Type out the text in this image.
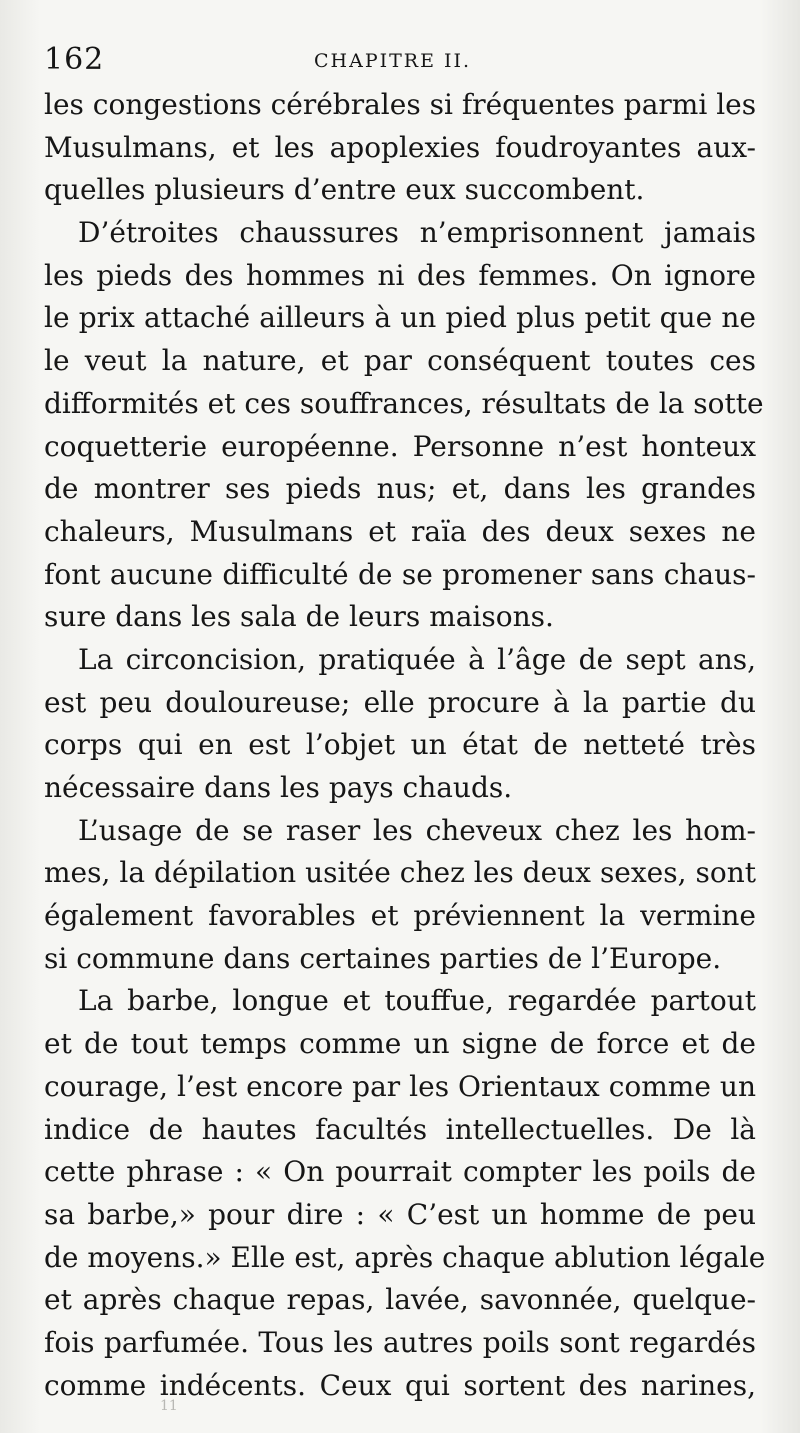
162	CHAPITRE II.
les congestions cérébrales si fréquentes parmi les
Musulmans, et les apoplexies foudroyantes aux-
quelles plusieurs d’entre eux succombent.
D’étroites chaussures n’emprisonnent jamais
les pieds des hommes ni des femmes. On ignore
le prix attaché ailleurs à un pied plus petit que ne
le veut la nature, et par conséquent toutes ces
difformités et ces souffrances, résultats de la sotte
coquetterie européenne. Personne n’est honteux
de montrer ses pieds nus; et, dans les grandes
chaleurs, Musulmans et raïa des deux sexes ne
font aucune difficulté de se promener sans chaus-
sure dans les sala de leurs maisons.
La circoncision, pratiquée à l’âge de sept ans,
est peu douloureuse; elle procure à la partie du
corps qui en est l’objet un état de netteté très
nécessaire dans les pays chauds.
L’usage de se raser les cheveux chez les hom-
mes, la dépilation usitée chez les deux sexes, sont
également favorables et préviennent la vermine
si commune dans certaines parties de l’Europe.
La barbe, longue et touffue, regardée partout
et de tout temps comme un signe de force et de
courage, l’est encore par les Orientaux comme un
indice de hautes facultés intellectuelles. De là
cette phrase : « On pourrait compter les poils de
sa barbe,» pour dire : « C’est un homme de peu
de moyens.» Elle est, après chaque ablution légale
et après chaque repas, lavée, savonnée, quelque-
fois parfumée. Tous les autres poils sont regardés
comme indécents. Ceux qui sortent des narines,
11
